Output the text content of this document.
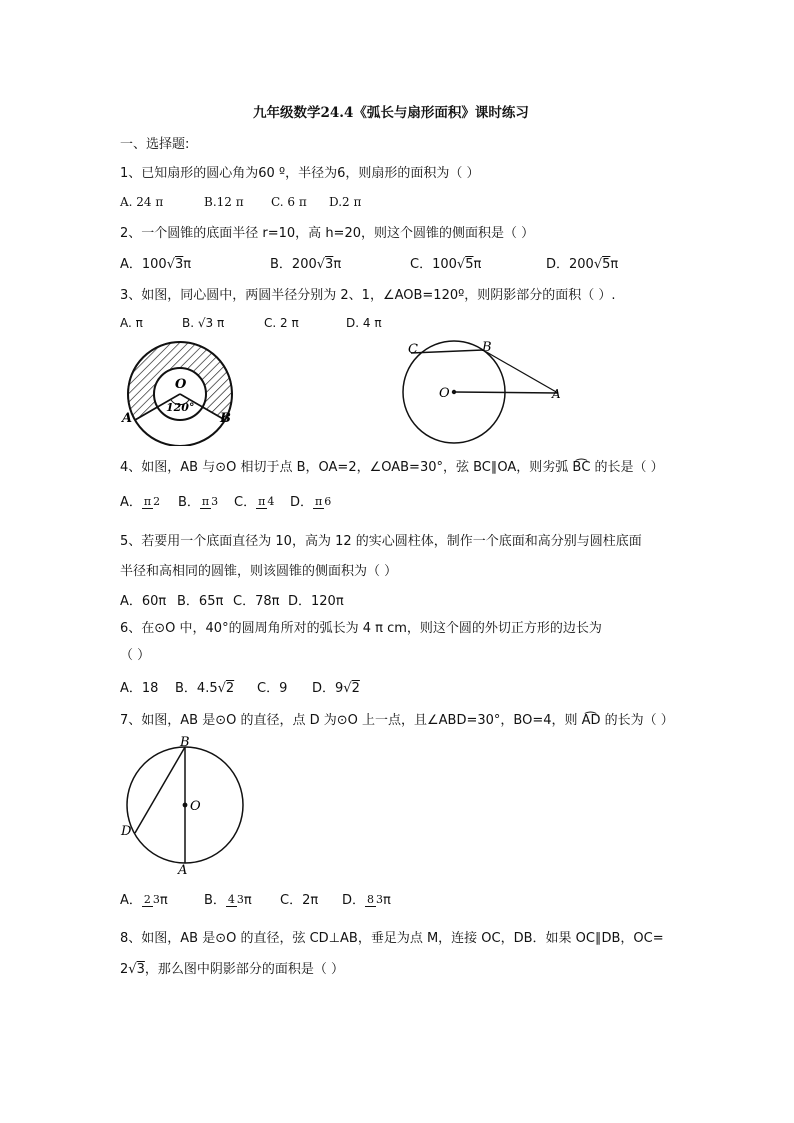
九年级数学24.4《弧长与扇形面积》课时练习
一、选择题:
1、已知扇形的圆心角为60 º，半径为6，则扇形的面积为（ ）
A. 24 π	B.12 π C. 6 π D.2 π
2、一个圆锥的底面半径 r=10，高 h=20，则这个圆锥的侧面积是（ ）
A．100√3π	B．200√3π	C．100√5π	D．200√5π
3、如图，同心圆中，两圆半径分别为 2、1，∠AOB=120º，则阴影部分的面积（ ）.
A. π	B. √3 π	C. 2 π	D. 4 π
O
120°
A	B
C	B
O	A
4、如图，AB 与⊙O 相切于点 B，OA=2，∠OAB=30°，弦 BC∥OA，则劣弧 B͡C 的长是（ ）
A． π 2 B． π 3 C． π 4 D． π 6
5、若要用一个底面直径为 10，高为 12 的实心圆柱体，制作一个底面和高分别与圆柱底面
半径和高相同的圆锥，则该圆锥的侧面积为（ ）
A．60π B．65π C．78π D．120π
6、在⊙O 中，40°的圆周角所对的弧长为 4 π cm，则这个圆的外切正方形的边长为
（ ）
A．18 B．4.5√2 C．9 D．9√2
7、如图，AB 是⊙O 的直径，点 D 为⊙O 上一点，且∠ABD=30°，BO=4，则 A͡D 的长为（ ）
B
O
D
A
A． 2 3π	B． 4 3π C．2π D． 8 3π
8、如图，AB 是⊙O 的直径，弦 CD⊥AB，垂足为点 M，连接 OC，DB．如果 OC∥DB，OC=
2√3，那么图中阴影部分的面积是（ ）
